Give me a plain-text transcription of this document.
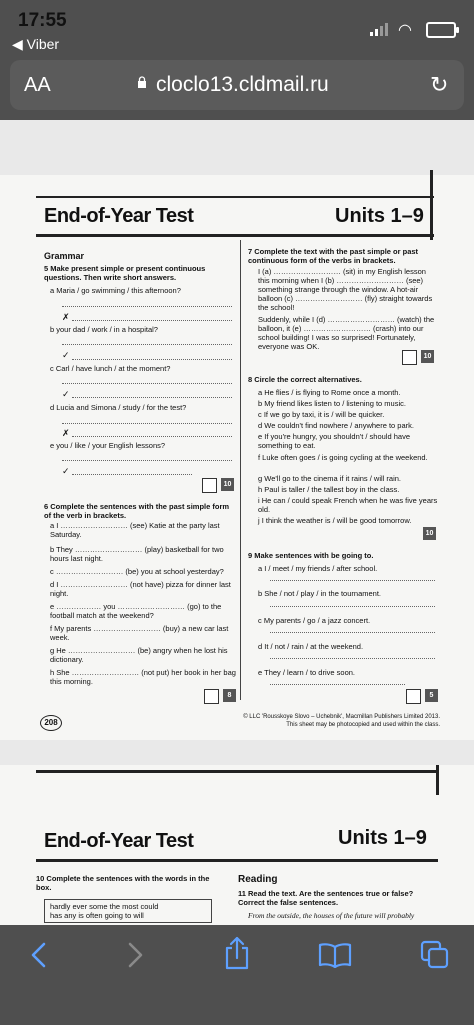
17:55
◀ Viber
◠
AA	cloclo13.cldmail.ru	↻
End-of-Year Test	Units 1–9
Grammar
5 Make present simple or present continuous questions. Then write short answers.
a Maria / go swimming / this afternoon?
✗
b your dad / work / in a hospital?
✓
c Carl / have lunch / at the moment?
✓
d Lucia and Simona / study / for the test?
✗
e you / like / your English lessons?
✓
10
6 Complete the sentences with the past simple form of the verb in brackets.
a I ……………………… (see) Katie at the party last Saturday.
b They ……………………… (play) basketball for two hours last night.
c ……………………… (be) you at school yesterday?
d I ……………………… (not have) pizza for dinner last night.
e ……………… you ……………………… (go) to the football match at the weekend?
f My parents ……………………… (buy) a new car last week.
g He ……………………… (be) angry when he lost his dictionary.
h She ……………………… (not put) her book in her bag this morning.
8
7 Complete the text with the past simple or past continuous form of the verbs in brackets.
I (a) ……………………… (sit) in my English lesson
this morning when I (b) ……………………… (see)
something strange through the window. A hot-air
balloon (c) ……………………… (fly) straight towards
the school!
Suddenly, while I (d) ……………………… (watch) the
balloon, it (e) ……………………… (crash) into our
school building! I was so surprised! Fortunately,
everyone was OK.
10
8 Circle the correct alternatives.
a He flies / is flying to Rome once a month.
b My friend likes listen to / listening to music.
c If we go by taxi, it is / will be quicker.
d We couldn't find nowhere / anywhere to park.
e If you're hungry, you shouldn't / should have something to eat.
f Luke often goes / is going cycling at the weekend.
g We'll go to the cinema if it rains / will rain.
h Paul is taller / the tallest boy in the class.
i He can / could speak French when he was five years old.
j I think the weather is / will be good tomorrow.
10
9 Make sentences with be going to.
a I / meet / my friends / after school.
b She / not / play / in the tournament.
c My parents / go / a jazz concert.
d It / not / rain / at the weekend.
e They / learn / to drive soon.
5
208
© LLC 'Rousskoye Slovo – Uchebnik', Macmillan Publishers Limited 2013.
This sheet may be photocopied and used within the class.
End-of-Year Test	Units 1–9
10 Complete the sentences with the words in the box.
hardly ever some the most could
has any is often going to will
Reading
11 Read the text. Are the sentences true or false? Correct the false sentences.
From the outside, the houses of the future will probably
